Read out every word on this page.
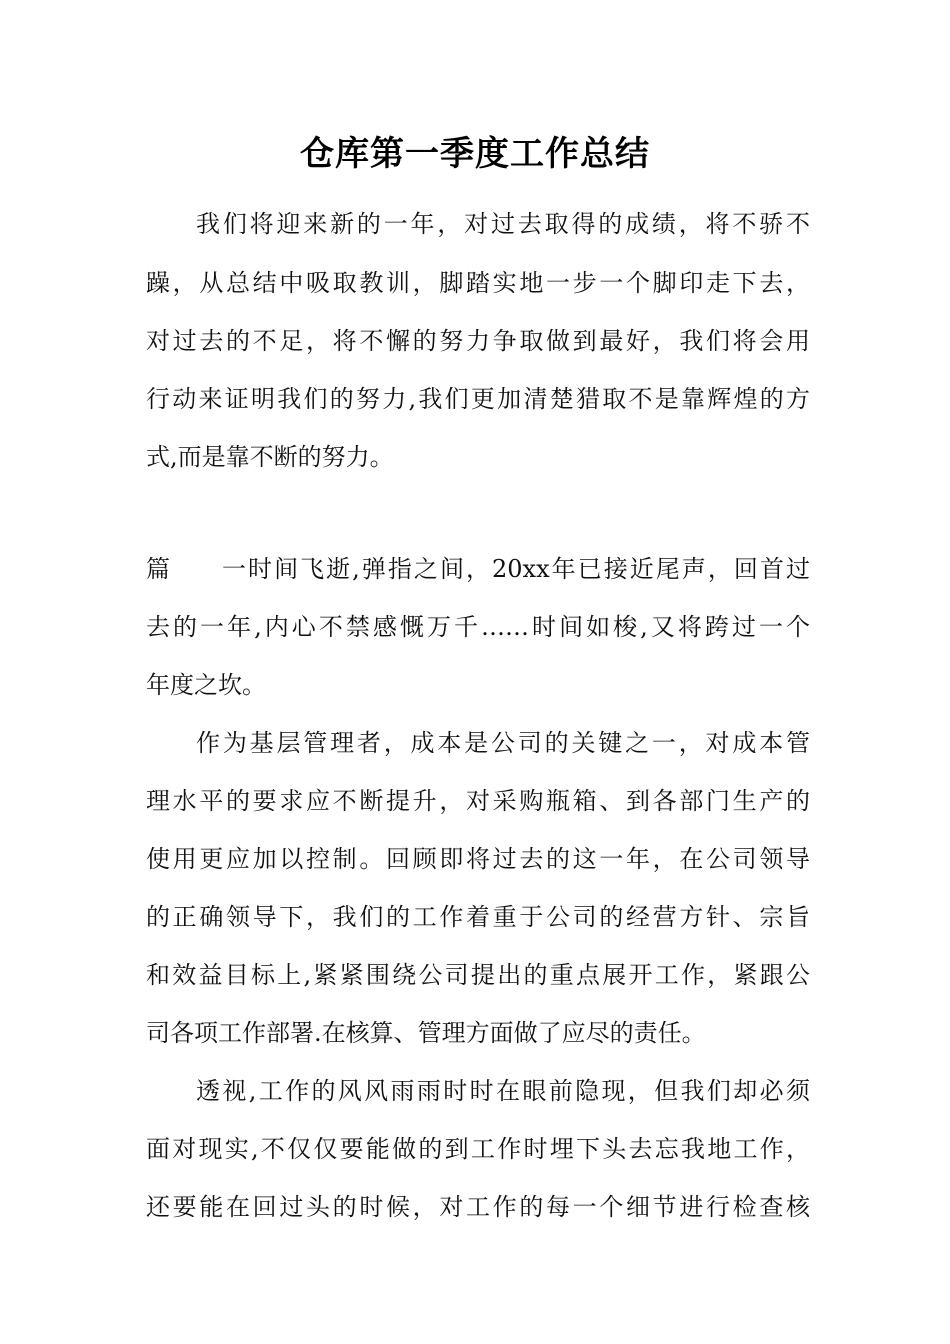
仓库第一季度工作总结

我们将迎来新的一年，对过去取得的成绩，将不骄不

躁，从总结中吸取教训，脚踏实地一步一个脚印走下去，

对过去的不足，将不懈的努力争取做到最好，我们将会用

行动来证明我们的努力,我们更加清楚猎取不是靠辉煌的方

式,而是靠不断的努力。

篇一时间飞逝,弹指之间，20xx年已接近尾声，回首过

去的一年,内心不禁感慨万千……时间如梭,又将跨过一个

年度之坎。

作为基层管理者，成本是公司的关键之一，对成本管

理水平的要求应不断提升，对采购瓶箱、到各部门生产的

使用更应加以控制。回顾即将过去的这一年，在公司领导

的正确领导下，我们的工作着重于公司的经营方针、宗旨

和效益目标上,紧紧围绕公司提出的重点展开工作，紧跟公

司各项工作部署.在核算、管理方面做了应尽的责任。

透视,工作的风风雨雨时时在眼前隐现，但我们却必须

面对现实,不仅仅要能做的到工作时埋下头去忘我地工作，

还要能在回过头的时候，对工作的每一个细节进行检查核
